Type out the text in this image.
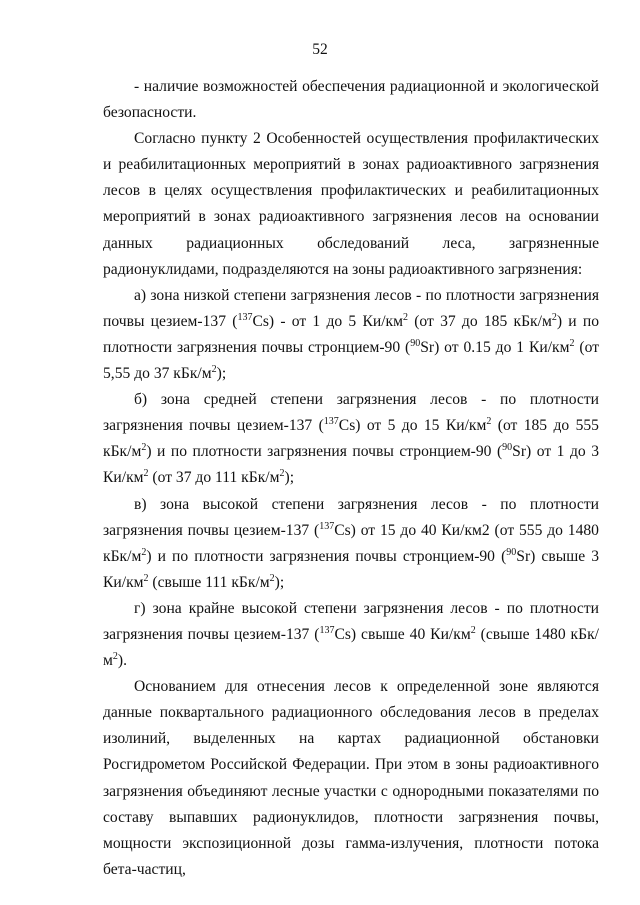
52

- наличие возможностей обеспечения радиационной и экологической безопасности.

Согласно пункту 2 Особенностей осуществления профилактических и реабилитационных мероприятий в зонах радиоактивного загрязнения лесов в целях осуществления профилактических и реабилитационных мероприятий в зонах радиоактивного загрязнения лесов на основании данных радиационных обследований леса, загрязненные радионуклидами, подразделяются на зоны радиоактивного загрязнения:

а) зона низкой степени загрязнения лесов - по плотности загрязнения почвы цезием-137 ($^{137}$Cs) - от 1 до 5 $Ки/км^2$ (от 37 до 185 кБк/$м^2$) и по плотности загрязнения почвы стронцием-90 ($^{90}$Sr) от 0.15 до 1 $Ки/км^2$ (от 5,55 до 37 кБк/$м^2$);

б) зона средней степени загрязнения лесов - по плотности загрязнения почвы цезием-137 ($^{137}$Cs) от 5 до 15 $Ки/км^2$ (от 185 до 555 кБк/$м^2$) и по плотности загрязнения почвы стронцием-90 ($^{90}$Sr) от 1 до 3 $Ки/км^2$ (от 37 до 111 кБк/$м^2$);

в) зона высокой степени загрязнения лесов - по плотности загрязнения почвы цезием-137 ($^{137}$Cs) от 15 до 40 Ки/км2 (от 555 до 1480 кБк/$м^2$) и по плотности загрязнения почвы стронцием-90 ($^{90}$Sr) свыше 3 $Ки/км^2$ (свыше 111 кБк/$м^2$);

г) зона крайне высокой степени загрязнения лесов - по плотности загрязнения почвы цезием-137 ($^{137}$Cs) свыше 40 $Ки/км^2$ (свыше 1480 кБк/$м^2$).

Основанием для отнесения лесов к определенной зоне являются данные поквартального радиационного обследования лесов в пределах изолиний, выделенных на картах радиационной обстановки Росгидрометом Российской Федерации. При этом в зоны радиоактивного загрязнения объединяют лесные участки с однородными показателями по составу выпавших радионуклидов, плотности загрязнения почвы, мощности экспозиционной дозы гамма-излучения, плотности потока бета-частиц,
